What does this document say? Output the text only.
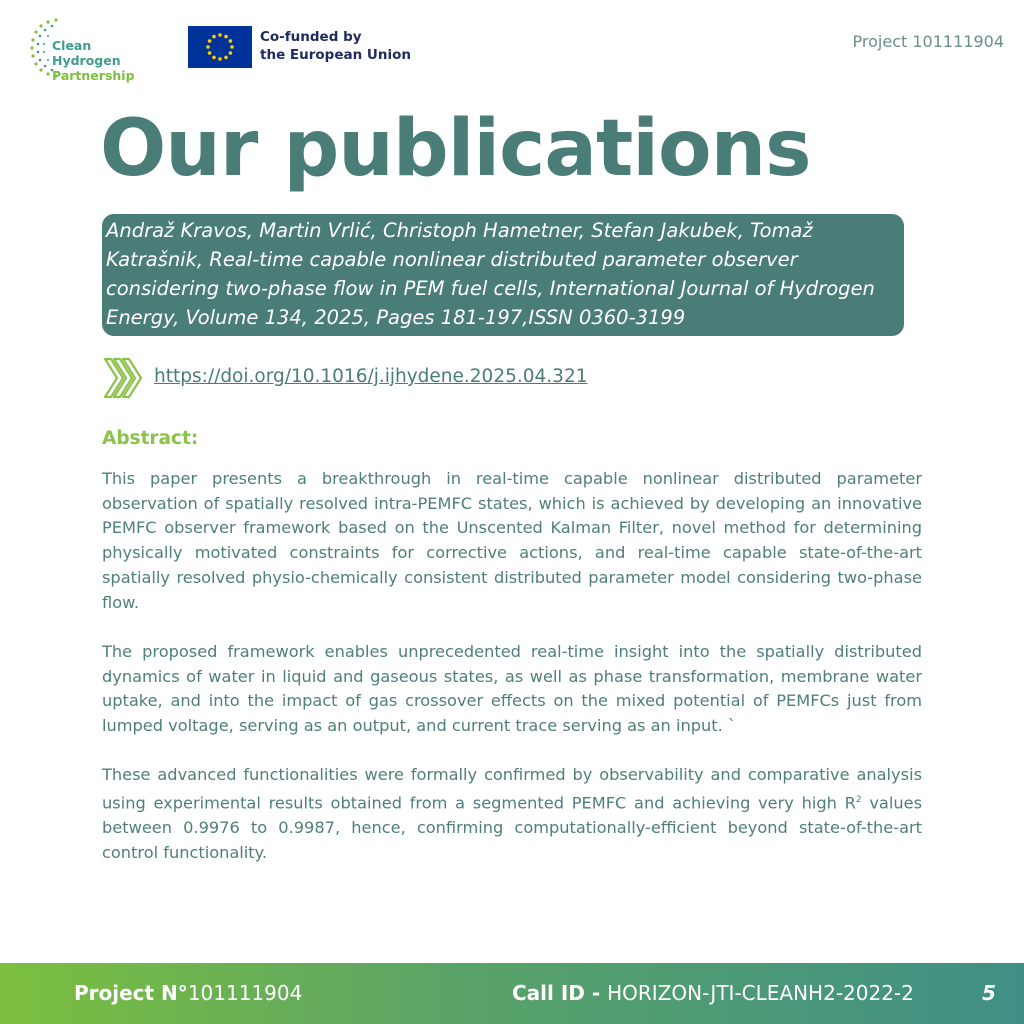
Clean Hydrogen
Partnership
Co-funded by
the European Union
Project 101111904
Our publications
Andraž Kravos, Martin Vrlić, Christoph Hametner, Stefan Jakubek, Tomaž Katrašnik, Real-time capable nonlinear distributed parameter observer considering two-phase flow in PEM fuel cells, International Journal of Hydrogen Energy, Volume 134, 2025, Pages 181-197,ISSN 0360-3199
https://doi.org/10.1016/j.ijhydene.2025.04.321
Abstract:

This paper presents a breakthrough in real-time capable nonlinear distributed parameter observation of spatially resolved intra-PEMFC states, which is achieved by developing an innovative PEMFC observer framework based on the Unscented Kalman Filter, novel method for determining physically motivated constraints for corrective actions, and real-time capable state-of-the-art spatially resolved physio-chemically consistent distributed parameter model considering two-phase flow.

The proposed framework enables unprecedented real-time insight into the spatially distributed dynamics of water in liquid and gaseous states, as well as phase transformation, membrane water uptake, and into the impact of gas crossover effects on the mixed potential of PEMFCs just from lumped voltage, serving as an output, and current trace serving as an input. `

These advanced functionalities were formally confirmed by observability and comparative analysis using experimental results obtained from a segmented PEMFC and achieving very high $R^2$ values between 0.9976 to 0.9987, hence, confirming computationally-efficient beyond state-of-the-art control functionality.

Project N°101111904	Call ID - HORIZON-JTI-CLEANH2-2022-2	5
